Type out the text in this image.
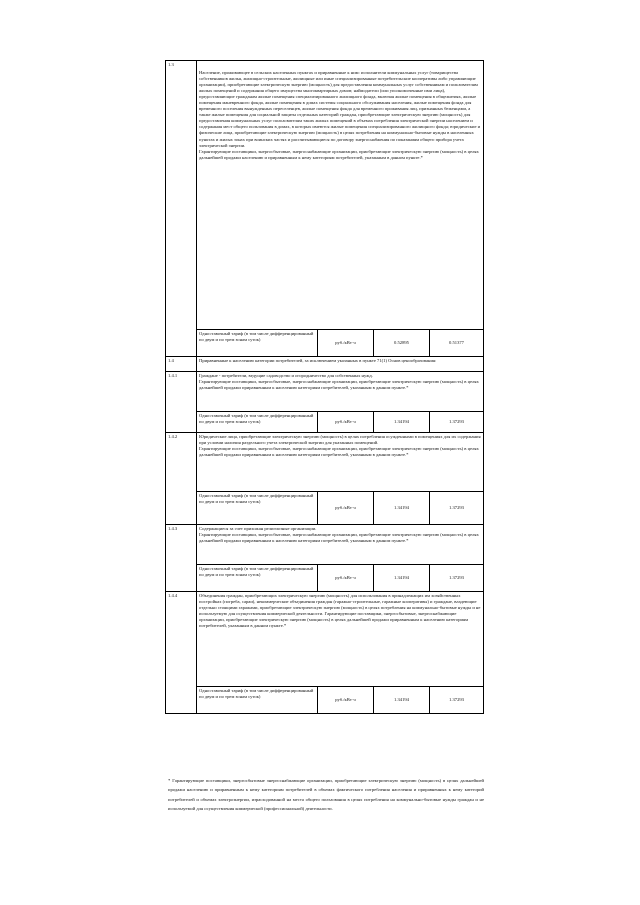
1.3	Население, проживающее в сельских населенных пунктах и приравненные к ним: исполнители коммунальных услуг (товарищества собственников жилья, жилищно-строительные, жилищные или иные специализированные потребительские кооперативы либо управляющие организации), приобретающие электрическую энергию (мощность) для предоставления коммунальных услуг собственникам и пользователям жилых помещений и содержания общего имущества многоквартирных домов; наймодатели (или уполномоченные ими лица), предоставляющие гражданам жилые помещения специализированного жилищного фонда, включая жилые помещения в общежитиях, жилые помещения маневренного фонда, жилые помещения в домах системы социального обслуживания населения, жилые помещения фонда для временного поселения вынужденных переселенцев, жилые помещения фонда для временного проживания лиц, признанных беженцами, а также жилые помещения для социальной защиты отдельных категорий граждан, приобретающие электрическую энергию (мощность) для предоставления коммунальных услуг пользователям таких жилых помещений в объемах потребления электрической энергии населением и содержания мест общего пользования в домах, в которых имеются жилые помещения специализированного жилищного фонда; юридические и физические лица, приобретающие электрическую энергию (мощность) в целях потребления на коммунально-бытовые нужды в населенных пунктах и жилых зонах при воинских частях и рассчитывающиеся по договору энергоснабжения по показаниям общего прибора учета электрической энергии.
Гарантирующие поставщики, энергосбытовые, энергоснабжающие организации, приобретающие электрическую энергию (мощность) в целях дальнейшей продажи населению и приравненным к нему категориям потребителей, указанным в данном пункте.*			

	Одноставочный тариф (в том числе дифференцированный по двум и по трем зонам суток)	руб./кВт·ч	0.52895	0.51377
1.4	Приравненные к населению категории потребителей, за исключением указанных в пункте 71(1) Основ ценообразования:			
1.4.1	Граждане - потребители, ведущие садоводство и огородничество для собственных нужд.
Гарантирующие поставщики, энергосбытовые, энергоснабжающие организации, приобретающие электрическую энергию (мощность) в целях дальнейшей продажи приравненным к населению категориям потребителей, указанным в данном пункте.*			

	Одноставочный тариф (в том числе дифференцированный по двум и по трем зонам суток)	руб./кВт·ч	1.34194	1.37293
1.4.2	Юридические лица, приобретающие электрическую энергию (мощность) в целях потребления осужденными в помещениях для их содержания при условии наличия раздельного учета электрической энергии для указанных помещений.
Гарантирующие поставщики, энергосбытовые, энергоснабжающие организации, приобретающие электрическую энергию (мощность) в целях дальнейшей продажи приравненным к населению категориям потребителей, указанным в данном пункте.*			

	Одноставочный тариф (в том числе дифференцированный по двум и по трем зонам суток)	руб./кВт·ч	1.34194	1.37293
1.4.3	Содержащиеся за счет прихожан религиозные организации.
Гарантирующие поставщики, энергосбытовые, энергоснабжающие организации, приобретающие электрическую энергию (мощность) в целях дальнейшей продажи приравненным к населению категориям потребителей, указанным в данном пункте.*			

	Одноставочный тариф (в том числе дифференцированный по двум и по трем зонам суток)	руб./кВт·ч	1.34194	1.37293
1.4.4	Объединения граждан, приобретающих электрическую энергию (мощность) для использования в принадлежащих им хозяйственных постройках (погреба, сараи), некоммерческие объединения граждан (гаражно-строительные, гаражные кооперативы) и граждане, владеющие отдельно стоящими гаражами, приобретающие электрическую энергию (мощность) в целях потребления на коммунально-бытовые нужды и не используемую для осуществления коммерческой деятельности. Гарантирующие поставщики, энергосбытовые, энергоснабжающие организации, приобретающие электрическую энергию (мощность) в целях дальнейшей продажи приравненным к населению категориям потребителей, указанным в данном пункте.*			
	Одноставочный тариф (в том числе дифференцированный по двум и по трем зонам суток)	руб./кВт·ч	1.34194	1.37293
* Гарантирующие поставщики, энергосбытовые энергоснабжающие организации, приобретающие электрическую энергию (мощность) в целях дальнейшей продажи населению и приравненным к нему категориям потребителей в объемах фактического потребления населения и приравненных к нему категорий потребителей и объемах электроэнергии, израсходованной на места общего пользования в целях потребления на коммунально-бытовые нужды граждан и не используемой для осуществления коммерческой (профессиональной) деятельности.
